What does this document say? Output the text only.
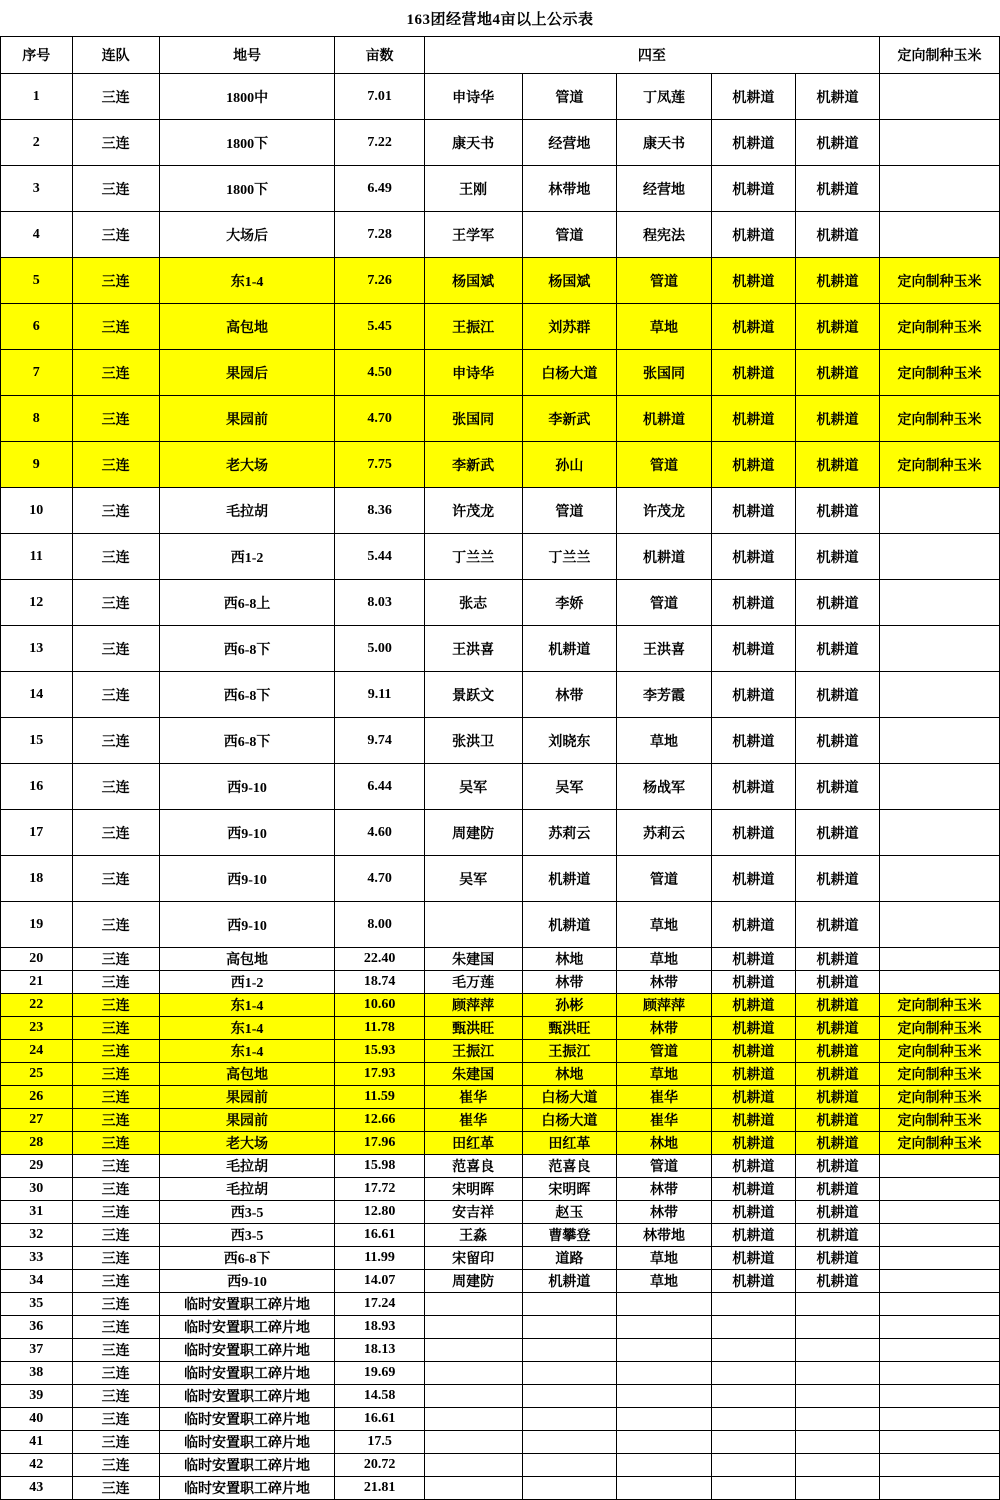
163团经营地4亩以上公示表
序号	连队	地号	亩数	四至					定向制种玉米
1	三连	1800中	7.01	申诗华	管道	丁凤莲	机耕道	机耕道	
2	三连	1800下	7.22	康天书	经营地	康天书	机耕道	机耕道	
3	三连	1800下	6.49	王刚	林带地	经营地	机耕道	机耕道	
4	三连	大场后	7.28	王学军	管道	程宪法	机耕道	机耕道	
5	三连	东1-4	7.26	杨国斌	杨国斌	管道	机耕道	机耕道	定向制种玉米
6	三连	高包地	5.45	王振江	刘苏群	草地	机耕道	机耕道	定向制种玉米
7	三连	果园后	4.50	申诗华	白杨大道	张国同	机耕道	机耕道	定向制种玉米
8	三连	果园前	4.70	张国同	李新武	机耕道	机耕道	机耕道	定向制种玉米
9	三连	老大场	7.75	李新武	孙山	管道	机耕道	机耕道	定向制种玉米
10	三连	毛拉胡	8.36	许茂龙	管道	许茂龙	机耕道	机耕道	
11	三连	西1-2	5.44	丁兰兰	丁兰兰	机耕道	机耕道	机耕道	
12	三连	西6-8上	8.03	张志	李娇	管道	机耕道	机耕道	
13	三连	西6-8下	5.00	王洪喜	机耕道	王洪喜	机耕道	机耕道	
14	三连	西6-8下	9.11	景跃文	林带	李芳霞	机耕道	机耕道	
15	三连	西6-8下	9.74	张洪卫	刘晓东	草地	机耕道	机耕道	
16	三连	西9-10	6.44	吴军	吴军	杨战军	机耕道	机耕道	
17	三连	西9-10	4.60	周建防	苏莉云	苏莉云	机耕道	机耕道	
18	三连	西9-10	4.70	吴军	机耕道	管道	机耕道	机耕道	
19	三连	西9-10	8.00		机耕道	草地	机耕道	机耕道	
20	三连	高包地	22.40	朱建国	林地	草地	机耕道	机耕道	
21	三连	西1-2	18.74	毛万莲	林带	林带	机耕道	机耕道	
22	三连	东1-4	10.60	顾萍萍	孙彬	顾萍萍	机耕道	机耕道	定向制种玉米
23	三连	东1-4	11.78	甄洪旺	甄洪旺	林带	机耕道	机耕道	定向制种玉米
24	三连	东1-4	15.93	王振江	王振江	管道	机耕道	机耕道	定向制种玉米
25	三连	高包地	17.93	朱建国	林地	草地	机耕道	机耕道	定向制种玉米
26	三连	果园前	11.59	崔华	白杨大道	崔华	机耕道	机耕道	定向制种玉米
27	三连	果园前	12.66	崔华	白杨大道	崔华	机耕道	机耕道	定向制种玉米
28	三连	老大场	17.96	田红革	田红革	林地	机耕道	机耕道	定向制种玉米
29	三连	毛拉胡	15.98	范喜良	范喜良	管道	机耕道	机耕道	
30	三连	毛拉胡	17.72	宋明晖	宋明晖	林带	机耕道	机耕道	
31	三连	西3-5	12.80	安吉祥	赵玉	林带	机耕道	机耕道	
32	三连	西3-5	16.61	王淼	曹攀登	林带地	机耕道	机耕道	
33	三连	西6-8下	11.99	宋留印	道路	草地	机耕道	机耕道	
34	三连	西9-10	14.07	周建防	机耕道	草地	机耕道	机耕道	
35	三连	临时安置职工碎片地	17.24						
36	三连	临时安置职工碎片地	18.93						
37	三连	临时安置职工碎片地	18.13						
38	三连	临时安置职工碎片地	19.69						
39	三连	临时安置职工碎片地	14.58						
40	三连	临时安置职工碎片地	16.61						
41	三连	临时安置职工碎片地	17.5						
42	三连	临时安置职工碎片地	20.72						
43	三连	临时安置职工碎片地	21.81						
